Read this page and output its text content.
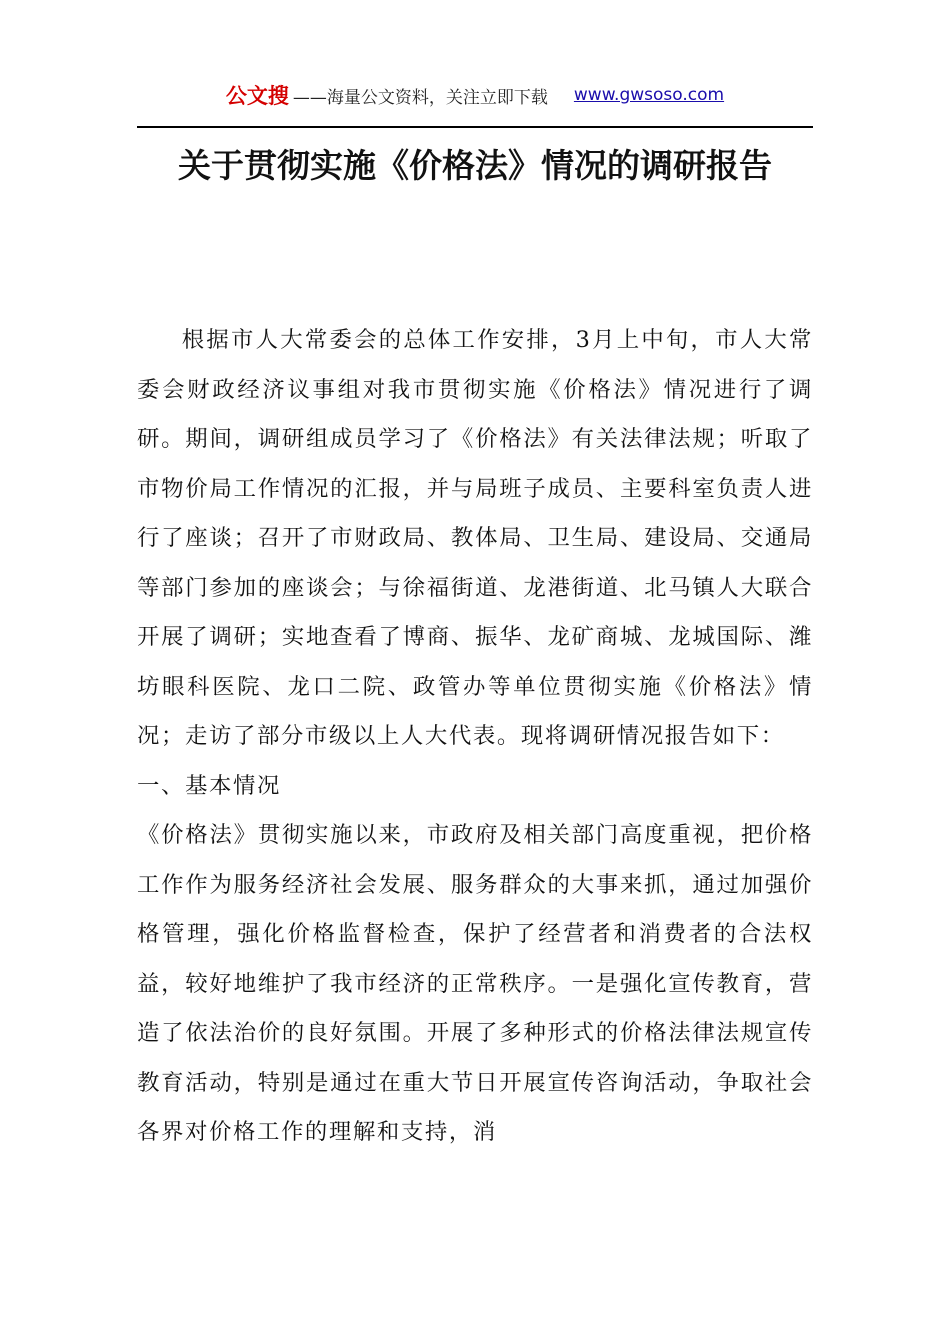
公文搜 ——海量公文资料，关注立即下载 www.gwsoso.com
关于贯彻实施《价格法》情况的调研报告

根据市人大常委会的总体工作安排，3月上中旬，市人大常委会财政经济议事组对我市贯彻实施《价格法》情况进行了调研。期间，调研组成员学习了《价格法》有关法律法规；听取了市物价局工作情况的汇报，并与局班子成员、主要科室负责人进行了座谈；召开了市财政局、教体局、卫生局、建设局、交通局等部门参加的座谈会；与徐福街道、龙港街道、北马镇人大联合开展了调研；实地查看了博商、振华、龙矿商城、龙城国际、潍坊眼科医院、龙口二院、政管办等单位贯彻实施《价格法》情况；走访了部分市级以上人大代表。现将调研情况报告如下：

一、基本情况

《价格法》贯彻实施以来，市政府及相关部门高度重视，把价格工作作为服务经济社会发展、服务群众的大事来抓，通过加强价格管理，强化价格监督检查，保护了经营者和消费者的合法权益，较好地维护了我市经济的正常秩序。一是强化宣传教育，营造了依法治价的良好氛围。开展了多种形式的价格法律法规宣传教育活动，特别是通过在重大节日开展宣传咨询活动，争取社会各界对价格工作的理解和支持，消
